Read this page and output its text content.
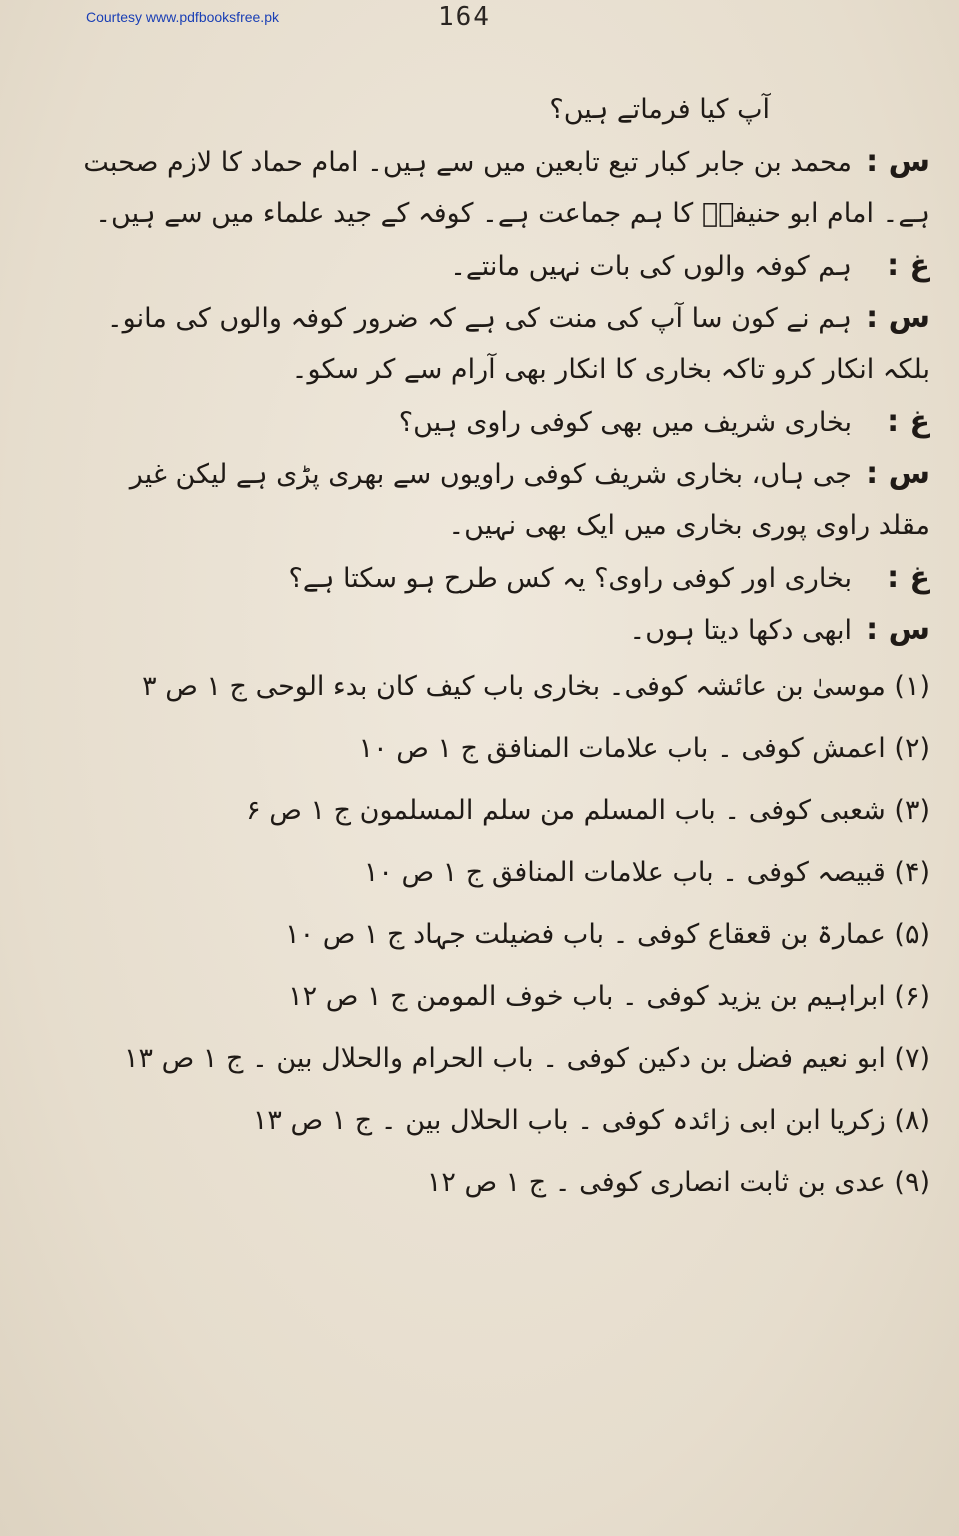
Courtesy www.pdfbooksfree.pk	164
آپ کیا فرماتے ہیں؟
س :محمد بن جابر کبار تبع تابعین میں سے ہیں۔ امام حماد کا لازم صحبت
ہے۔ امام ابو حنیفہؒ کا ہم جماعت ہے۔ کوفہ کے جید علماء میں سے ہیں۔
غ :ہم کوفہ والوں کی بات نہیں مانتے۔
س :ہم نے کون سا آپ کی منت کی ہے کہ ضرور کوفہ والوں کی مانو۔
بلکہ انکار کرو تاکہ بخاری کا انکار بھی آرام سے کر سکو۔
غ :بخاری شریف میں بھی کوفی راوی ہیں؟
س :جی ہاں، بخاری شریف کوفی راویوں سے بھری پڑی ہے لیکن غیر
مقلد راوی پوری بخاری میں ایک بھی نہیں۔
غ :بخاری اور کوفی راوی؟ یہ کس طرح ہو سکتا ہے؟
س :ابھی دکھا دیتا ہوں۔
(۱) موسیٰ بن عائشہ کوفی۔ بخاری باب کیف کان بدء الوحی ج ۱ ص ۳
(۲) اعمش کوفی ۔ باب علامات المنافق ج ۱ ص ۱۰
(۳) شعبی کوفی ۔ باب المسلم من سلم المسلمون ج ۱ ص ۶
(۴) قبیصہ کوفی ۔ باب علامات المنافق ج ۱ ص ۱۰
(۵) عمارۃ بن قعقاع کوفی ۔ باب فضیلت جہاد ج ۱ ص ۱۰
(۶) ابراہیم بن یزید کوفی ۔ باب خوف المومن ج ۱ ص ۱۲
(۷) ابو نعیم فضل بن دکین کوفی ۔ باب الحرام والحلال بین ۔ ج ۱ ص ۱۳
(۸) زکریا ابن ابی زائدہ کوفی ۔ باب الحلال بین ۔ ج ۱ ص ۱۳
(۹) عدی بن ثابت انصاری کوفی ۔ ج ۱ ص ۱۲
